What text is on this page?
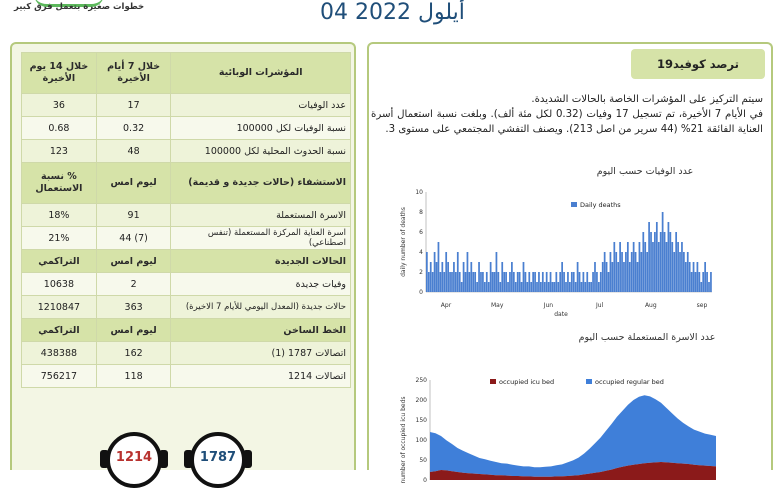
خطوات صغيرة بتعمل فرق كبير	04 أيلول 2022
المؤشرات الوبائية	خلال 7 أيام الأخيرة	خلال 14 يوم الأخيرة
عدد الوفيات	17	36
نسبة الوفيات لكل 100000	0.32	0.68
نسبة الحدوث المحلية لكل 100000	48	123
الاستشفاء (حالات جديدة و قديمة)	ليوم امس	% نسبة الاستعمال
الاسرة المستعملة	91	18%
اسرة العناية المركزة المستعملة (تنفس اصطناعي)	(7) 44	21%
الحالات الجديدة	ليوم امس	التراكمي
وفيات جديدة	2	10638
حالات جديدة (المعدل اليومي للأيام 7 الاخيرة)	363	1210847
الخط الساخن	ليوم امس	التراكمي
اتصالات 1787 (1)	162	438388
اتصالات 1214	118	756217
1214	1787
ترصد كوفيد19

سيتم التركيز على المؤشرات الخاصة بالحالات الشديدة.

في الأيام 7 الأخيرة، تم تسجيل 17 وفيات (0.32 لكل مئة ألف). وبلغت نسبة استعمال أسرة العناية الفائقة 21% (44 سرير من اصل 213). ويصنف التفشي المجتمعي على مستوى 3.

عدد الوفيات حسب اليوم
daily number of deaths
0
2
4
6
8
10
Apr	May	Jun	Jul	Aug	sep
date
Daily deaths
عدد الاسرة المستعملة حسب اليوم
number of occupied icu beds	0
50
100
150
200
250	occupied icu bed	occupied regular bed
